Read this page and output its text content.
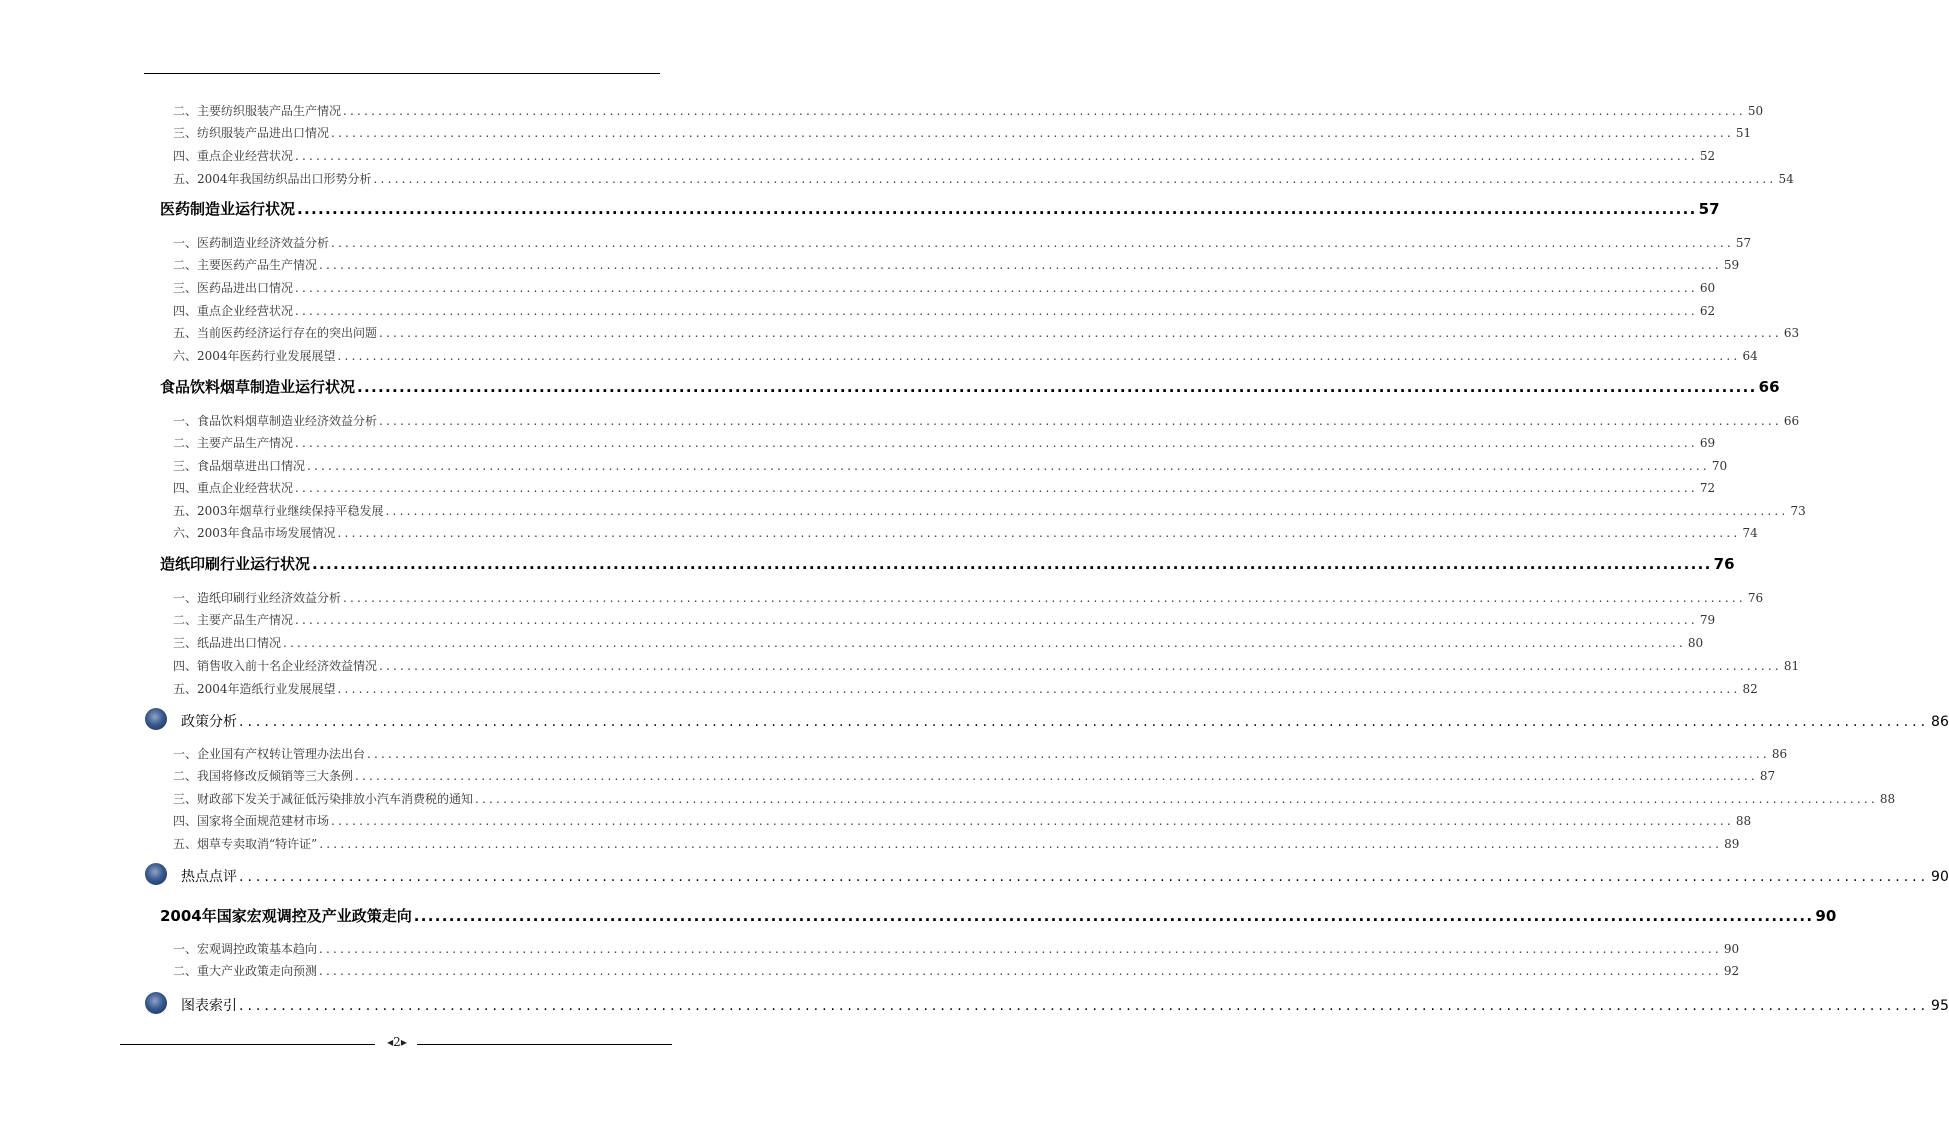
二、主要纺织服装产品生产情况 ........................................................................................................................................................................................................ 50
三、纺织服装产品进出口情况 ........................................................................................................................................................................................................ 51
四、重点企业经营状况 ........................................................................................................................................................................................................ 52
五、2004年我国纺织品出口形势分析 ........................................................................................................................................................................................................ 54
医药制造业运行状况 ........................................................................................................................................................................................................ 57
一、医药制造业经济效益分析 ........................................................................................................................................................................................................ 57
二、主要医药产品生产情况 ........................................................................................................................................................................................................ 59
三、医药品进出口情况 ........................................................................................................................................................................................................ 60
四、重点企业经营状况 ........................................................................................................................................................................................................ 62
五、当前医药经济运行存在的突出问题 ........................................................................................................................................................................................................ 63
六、2004年医药行业发展展望 ........................................................................................................................................................................................................ 64
食品饮料烟草制造业运行状况 ........................................................................................................................................................................................................ 66
一、食品饮料烟草制造业经济效益分析 ........................................................................................................................................................................................................ 66
二、主要产品生产情况 ........................................................................................................................................................................................................ 69
三、食品烟草进出口情况 ........................................................................................................................................................................................................ 70
四、重点企业经营状况 ........................................................................................................................................................................................................ 72
五、2003年烟草行业继续保持平稳发展 ........................................................................................................................................................................................................ 73
六、2003年食品市场发展情况 ........................................................................................................................................................................................................ 74
造纸印刷行业运行状况 ........................................................................................................................................................................................................ 76
一、造纸印刷行业经济效益分析 ........................................................................................................................................................................................................ 76
二、主要产品生产情况 ........................................................................................................................................................................................................ 79
三、纸品进出口情况 ........................................................................................................................................................................................................ 80
四、销售收入前十名企业经济效益情况 ........................................................................................................................................................................................................ 81
五、2004年造纸行业发展展望 ........................................................................................................................................................................................................ 82
政策分析 ........................................................................................................................................................................................................ 86
一、企业国有产权转让管理办法出台 ........................................................................................................................................................................................................ 86
二、我国将修改反倾销等三大条例 ........................................................................................................................................................................................................ 87
三、财政部下发关于减征低污染排放小汽车消费税的通知 ........................................................................................................................................................................................................ 88
四、国家将全面规范建材市场 ........................................................................................................................................................................................................ 88
五、烟草专卖取消“特许证” ........................................................................................................................................................................................................ 89
热点点评 ........................................................................................................................................................................................................ 90
2004年国家宏观调控及产业政策走向 ........................................................................................................................................................................................................ 90
一、宏观调控政策基本趋向 ........................................................................................................................................................................................................ 90
二、重大产业政策走向预测 ........................................................................................................................................................................................................ 92
图表索引 ........................................................................................................................................................................................................ 95
◂2▸
